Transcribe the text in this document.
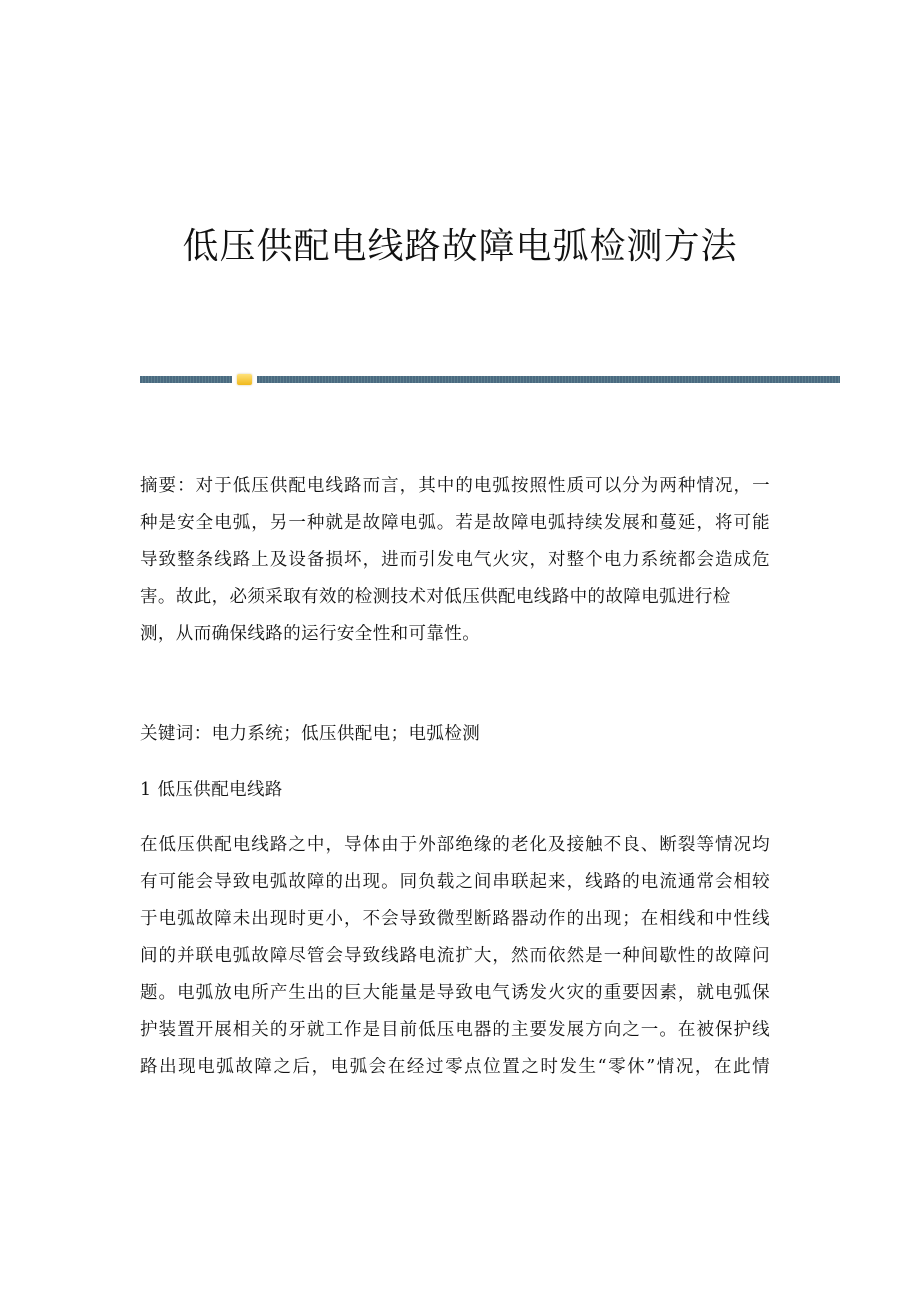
低压供配电线路故障电弧检测方法
摘要：对于低压供配电线路而言，其中的电弧按照性质可以分为两种情况，一
种是安全电弧，另一种就是故障电弧。若是故障电弧持续发展和蔓延，将可能
导致整条线路上及设备损坏，进而引发电气火灾，对整个电力系统都会造成危
害。故此，必须采取有效的检测技术对低压供配电线路中的故障电弧进行检
测，从而确保线路的运行安全性和可靠性。
关键词：电力系统；低压供配电；电弧检测
1 低压供配电线路
在低压供配电线路之中，导体由于外部绝缘的老化及接触不良、断裂等情况均
有可能会导致电弧故障的出现。同负载之间串联起来，线路的电流通常会相较
于电弧故障未出现时更小，不会导致微型断路器动作的出现；在相线和中性线
间的并联电弧故障尽管会导致线路电流扩大，然而依然是一种间歇性的故障问
题。电弧放电所产生出的巨大能量是导致电气诱发火灾的重要因素，就电弧保
护装置开展相关的牙就工作是目前低压电器的主要发展方向之一。在被保护线
路出现电弧故障之后，电弧会在经过零点位置之时发生“零休”情况，在此情
